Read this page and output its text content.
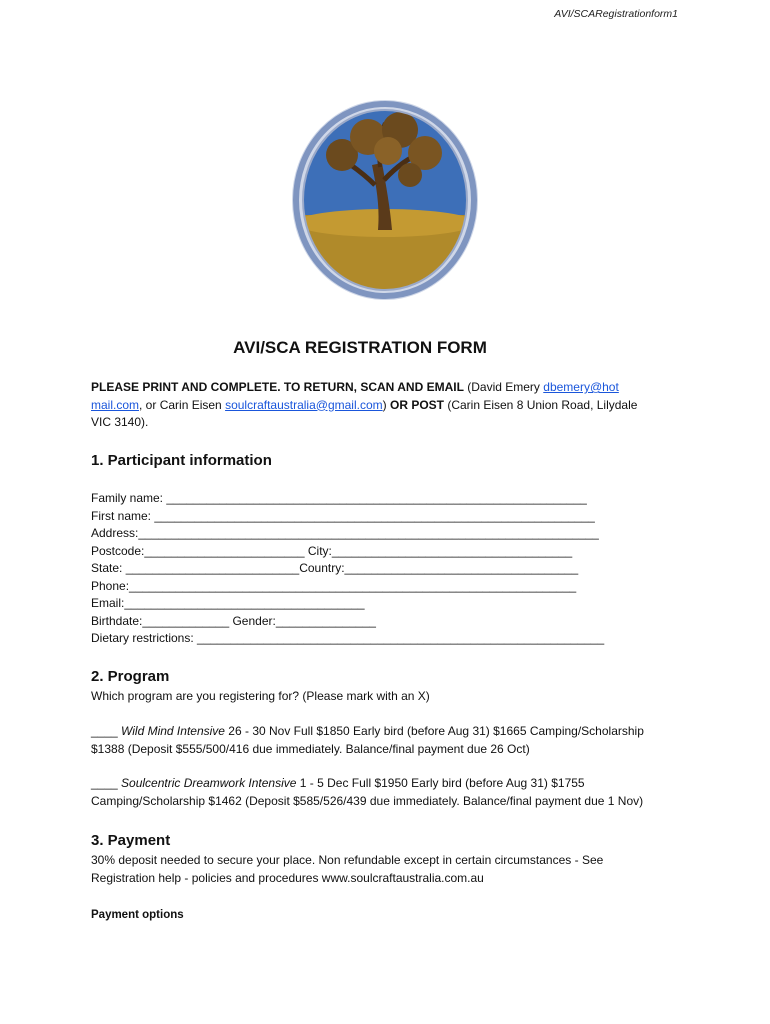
AVI/SCARegistrationform1
AVI/SCA REGISTRATION FORM
PLEASE PRINT AND COMPLETE. TO RETURN, SCAN AND EMAIL (David Emery dbemery@hot
mail.com, or Carin Eisen soulcraftaustralia@gmail.com) OR POST (Carin Eisen 8 Union Road, Lilydale
VIC 3140).
1. Participant information
Family name: _______________________________________________________________
First name: __________________________________________________________________
Address:_____________________________________________________________________
Postcode:________________________ City:____________________________________
State: __________________________Country:___________________________________
Phone:___________________________________________________________________
Email:____________________________________
Birthdate:_____________ Gender:_______________
Dietary restrictions: _____________________________________________________________
2. Program
Which program are you registering for? (Please mark with an X)
____ Wild Mind Intensive 26 - 30 Nov Full $1850 Early bird (before Aug 31) $1665 Camping/Scholarship
$1388 (Deposit $555/500/416 due immediately. Balance/final payment due 26 Oct)
____ Soulcentric Dreamwork Intensive 1 - 5 Dec Full $1950 Early bird (before Aug 31) $1755
Camping/Scholarship $1462 (Deposit $585/526/439 due immediately. Balance/final payment due 1 Nov)
3. Payment
30% deposit needed to secure your place. Non refundable except in certain circumstances - See
Registration help - policies and procedures www.soulcraftaustralia.com.au
Payment options
